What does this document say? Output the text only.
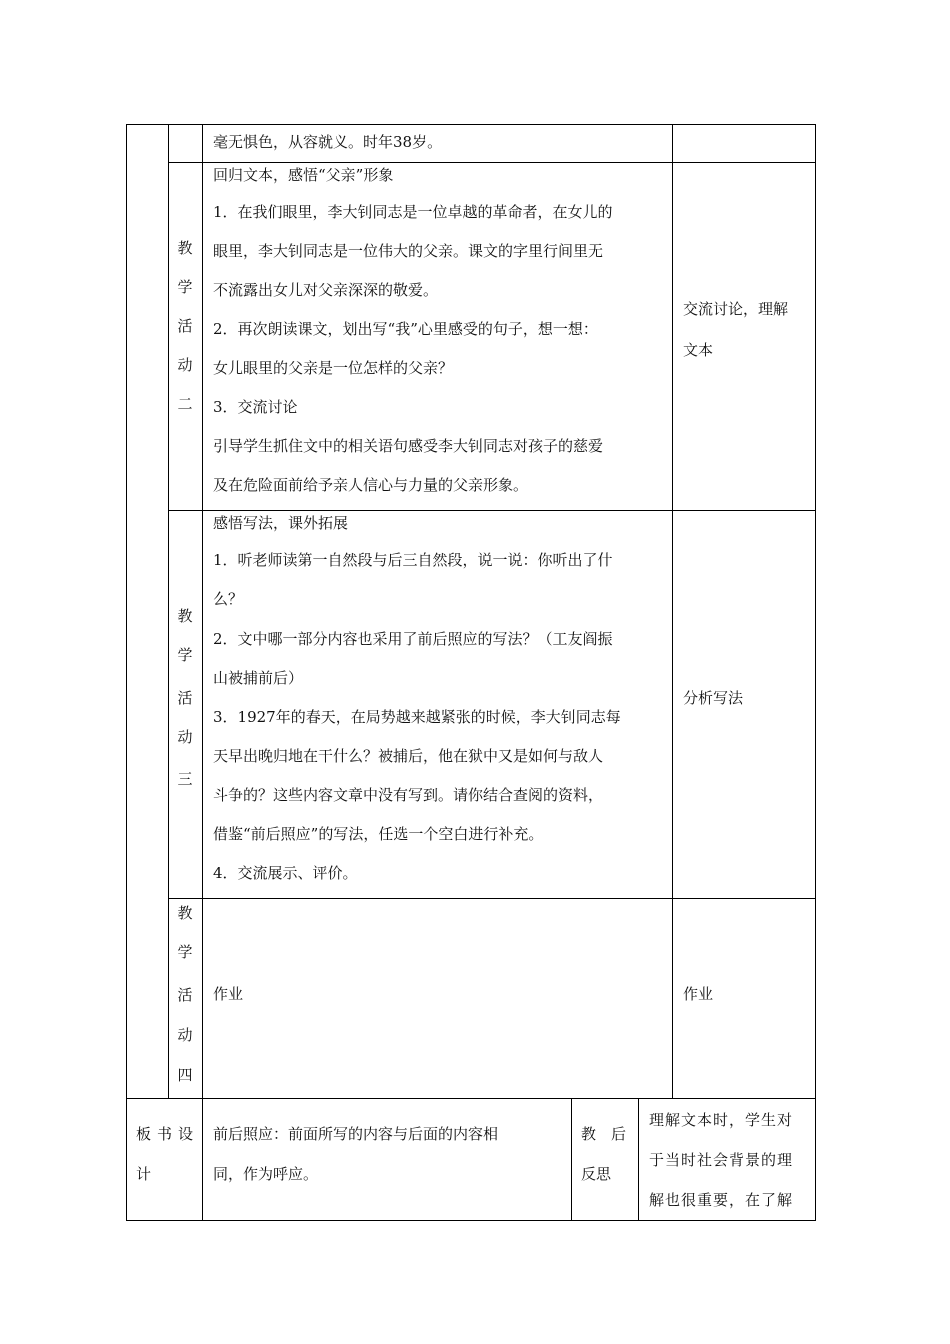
毫无惧色，从容就义。时年38岁。
教
学
活
动
二
回归文本，感悟“父亲”形象
1．在我们眼里，李大钊同志是一位卓越的革命者，在女儿的
眼里，李大钊同志是一位伟大的父亲。课文的字里行间里无
不流露出女儿对父亲深深的敬爱。
2．再次朗读课文，划出写“我”心里感受的句子，想一想：
女儿眼里的父亲是一位怎样的父亲？
3．交流讨论
引导学生抓住文中的相关语句感受李大钊同志对孩子的慈爱
及在危险面前给予亲人信心与力量的父亲形象。
交流讨论，理解
文本
教
学
活
动
三
感悟写法，课外拓展
1．听老师读第一自然段与后三自然段，说一说：你听出了什
么？
2．文中哪一部分内容也采用了前后照应的写法？（工友阎振
山被捕前后）
3．1927年的春天，在局势越来越紧张的时候，李大钊同志每
天早出晚归地在干什么？被捕后，他在狱中又是如何与敌人
斗争的？这些内容文章中没有写到。请你结合查阅的资料，
借鉴“前后照应”的写法，任选一个空白进行补充。
4．交流展示、评价。
分析写法
教
学
活
动
四
作业	作业
板书设
计
前后照应：前面所写的内容与后面的内容相
同，作为呼应。
教　后
反思
理解文本时，学生对
于当时社会背景的理
解也很重要，在了解
